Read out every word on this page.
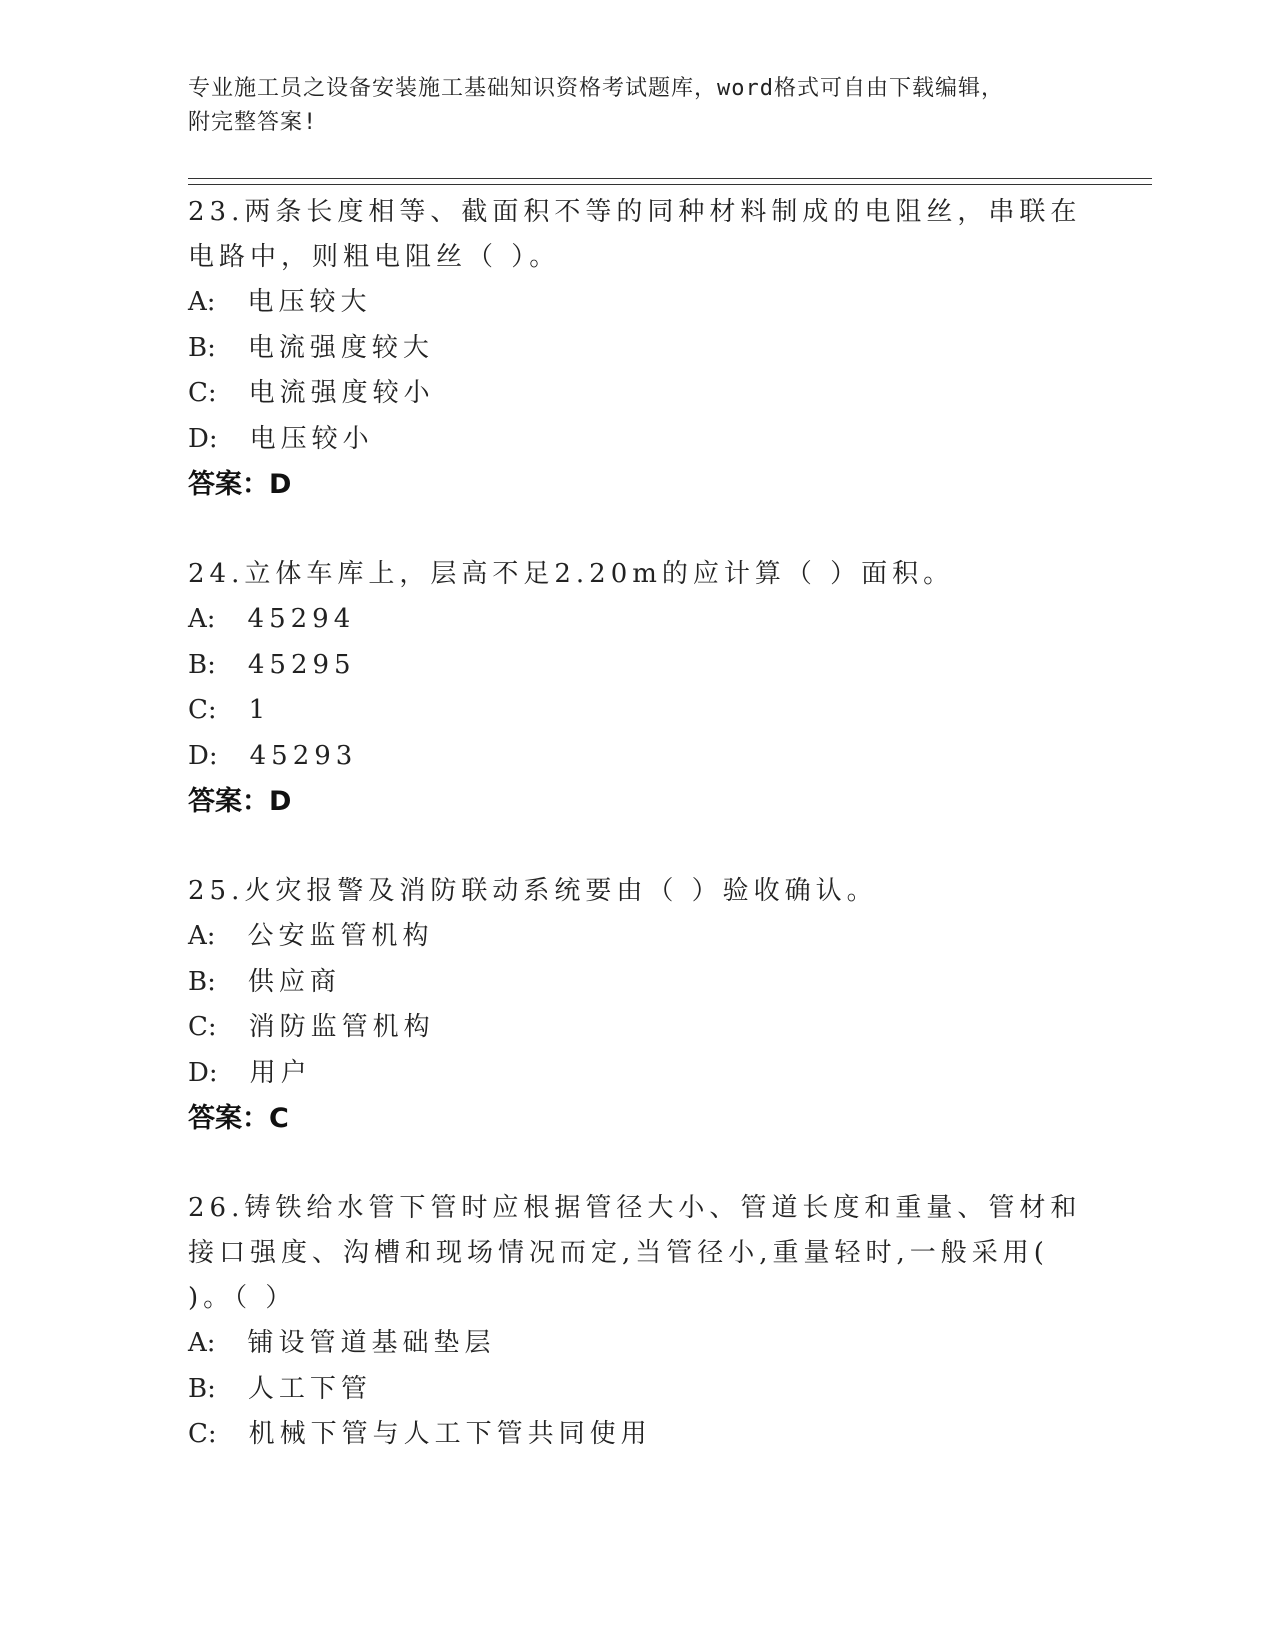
专业施工员之设备安装施工基础知识资格考试题库，word格式可自由下载编辑，
附完整答案!

23.两条长度相等、截面积不等的同种材料制成的电阻丝，串联在电路中，则粗电阻丝（ ）。

A: 电压较大
B: 电流强度较大
C: 电流强度较小
D: 电压较小
答案：D

24.立体车库上，层高不足2.20m的应计算（ ）面积。

A: 45294
B: 45295
C: 1
D: 45293
答案：D

25.火灾报警及消防联动系统要由（ ）验收确认。

A: 公安监管机构
B: 供应商
C: 消防监管机构
D: 用户
答案：C

26.铸铁给水管下管时应根据管径大小、管道长度和重量、管材和接口强度、沟槽和现场情况而定,当管径小,重量轻时,一般采用( )。（ ）

A: 铺设管道基础垫层
B: 人工下管
C: 机械下管与人工下管共同使用
